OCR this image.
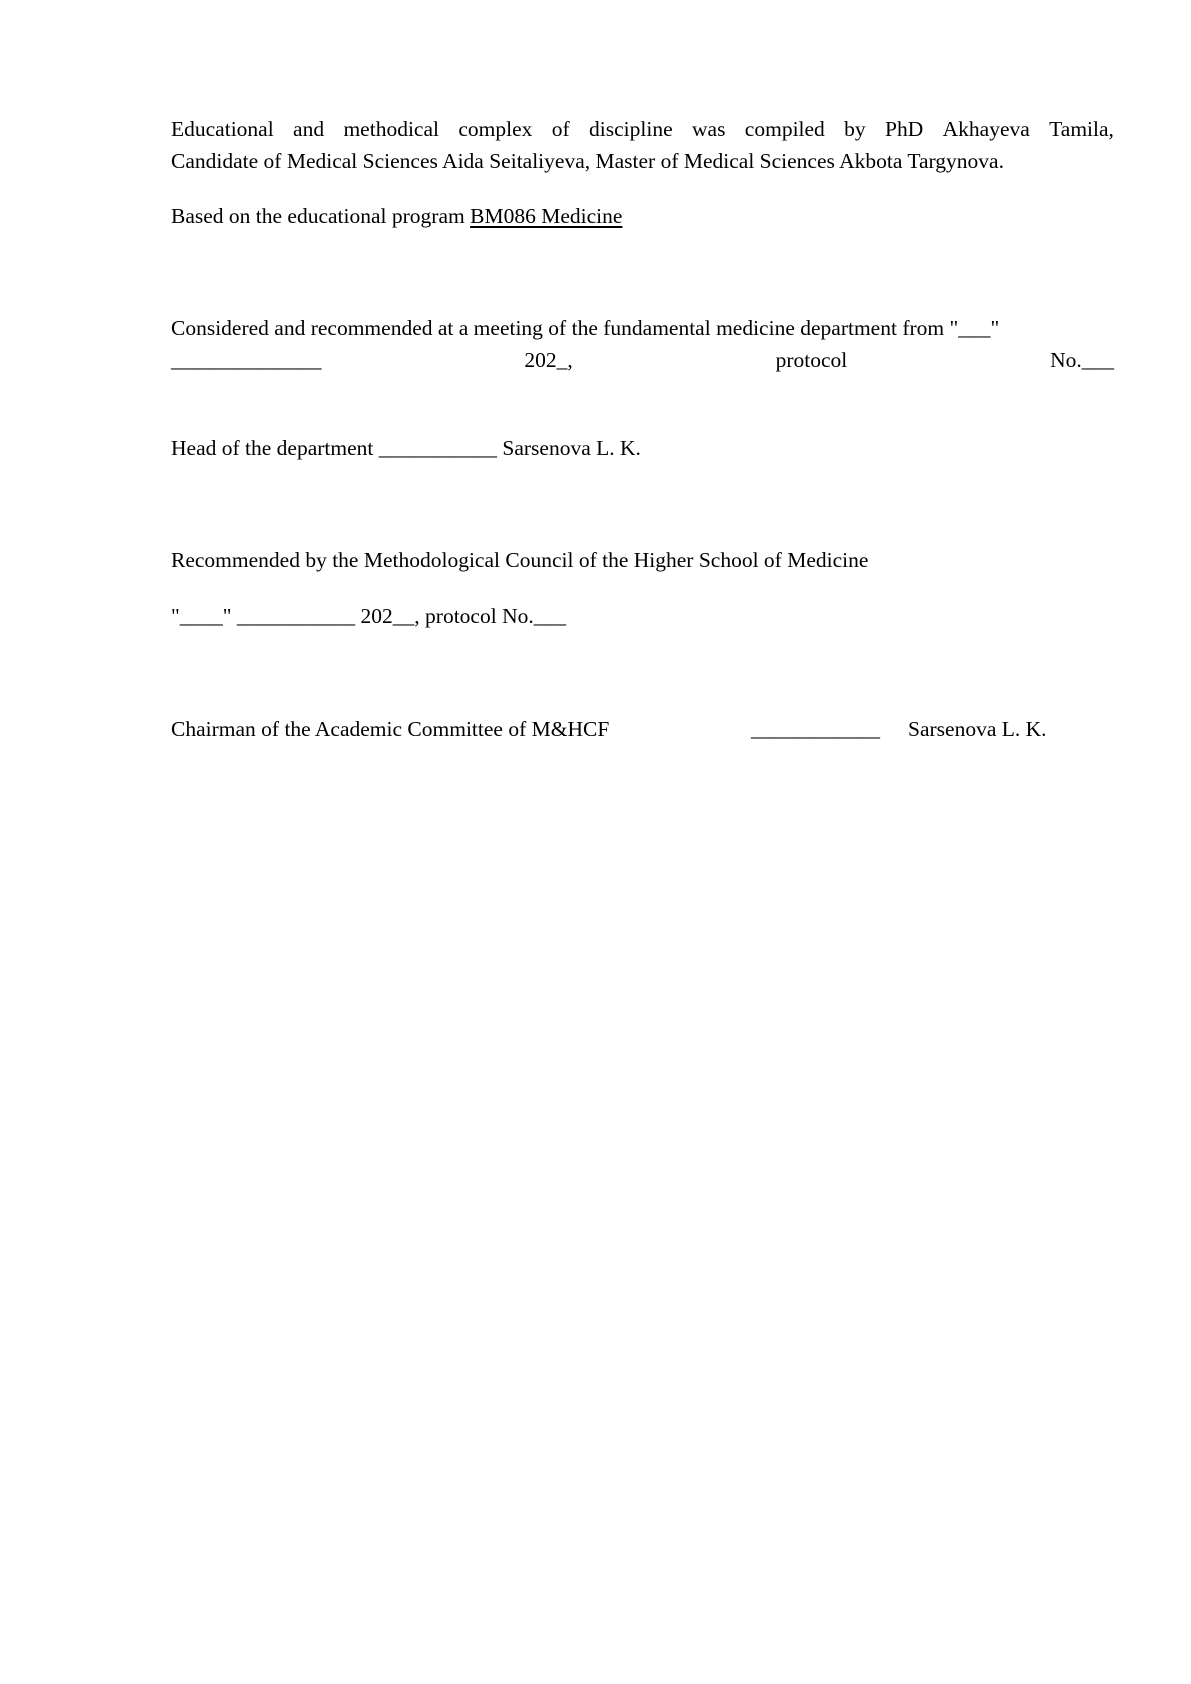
Educational and methodical complex of discipline was compiled by PhD Akhayeva Tamila,
Candidate of Medical Sciences Aida Seitaliyeva, Master of Medical Sciences Akbota Targynova.
Based on the educational program BM086 Medicine
Considered and recommended at a meeting of the fundamental medicine department from "___"
______________	202_,	protocol	No.___
Head of the department ___________ Sarsenova L. K.
Recommended by the Methodological Council of the Higher School of Medicine
"____" ___________ 202__, protocol No.___
Chairman of the Academic Committee of M&HCF	____________ Sarsenova L. K.
